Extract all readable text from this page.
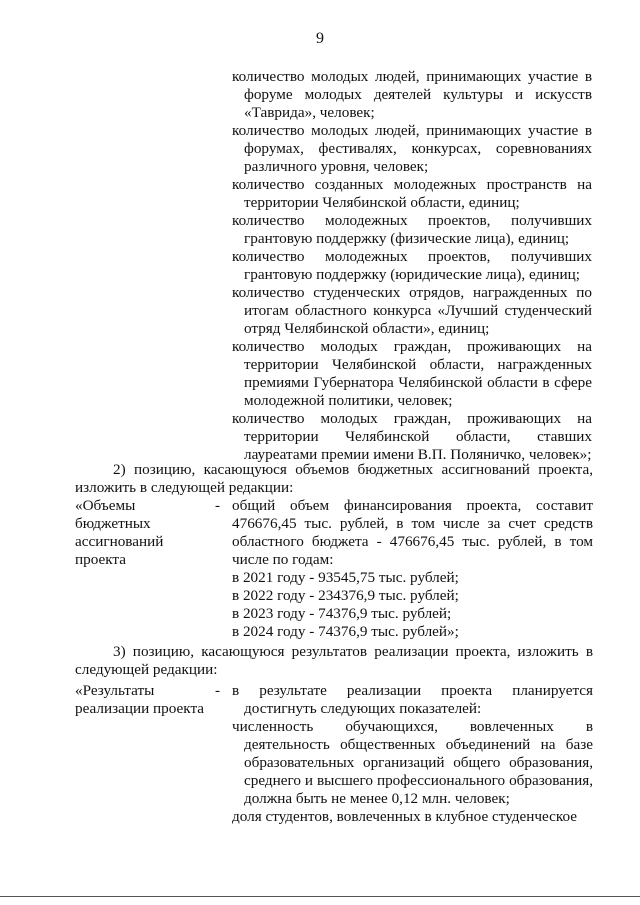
9

количество молодых людей, принимающих участие в форуме молодых деятелей культуры и искусств «Таврида», человек;

количество молодых людей, принимающих участие в форумах, фестивалях, конкурсах, соревнованиях различного уровня, человек;

количество созданных молодежных пространств на территории Челябинской области, единиц;

количество молодежных проектов, получивших грантовую поддержку (физические лица), единиц;

количество молодежных проектов, получивших грантовую поддержку (юридические лица), единиц;

количество студенческих отрядов, награжденных по итогам областного конкурса «Лучший студенческий отряд Челябинской области», единиц;

количество молодых граждан, проживающих на территории Челябинской области, награжденных премиями Губернатора Челябинской области в сфере молодежной политики, человек;

количество молодых граждан, проживающих на территории Челябинской области, ставших лауреатами премии имени В.П. Поляничко, человек»;

2) позицию, касающуюся объемов бюджетных ассигнований проекта, изложить в следующей редакции:

«Объемы бюджетных ассигнований проекта
- общий объем финансирования проекта, составит 476676,45 тыс. рублей, в том числе за счет средств областного бюджета - 476676,45 тыс. рублей, в том числе по годам:

в 2021 году - 93545,75 тыс. рублей;

в 2022 году - 234376,9 тыс. рублей;

в 2023 году - 74376,9 тыс. рублей;

в 2024 году - 74376,9 тыс. рублей»;

3) позицию, касающуюся результатов реализации проекта, изложить в следующей редакции:

«Результаты реализации проекта
- в результате реализации проекта планируется достигнуть следующих показателей:

численность обучающихся, вовлеченных в деятельность общественных объединений на базе образовательных организаций общего образования, среднего и высшего профессионального образования, должна быть не менее 0,12 млн. человек;

доля студентов, вовлеченных в клубное студенческое
